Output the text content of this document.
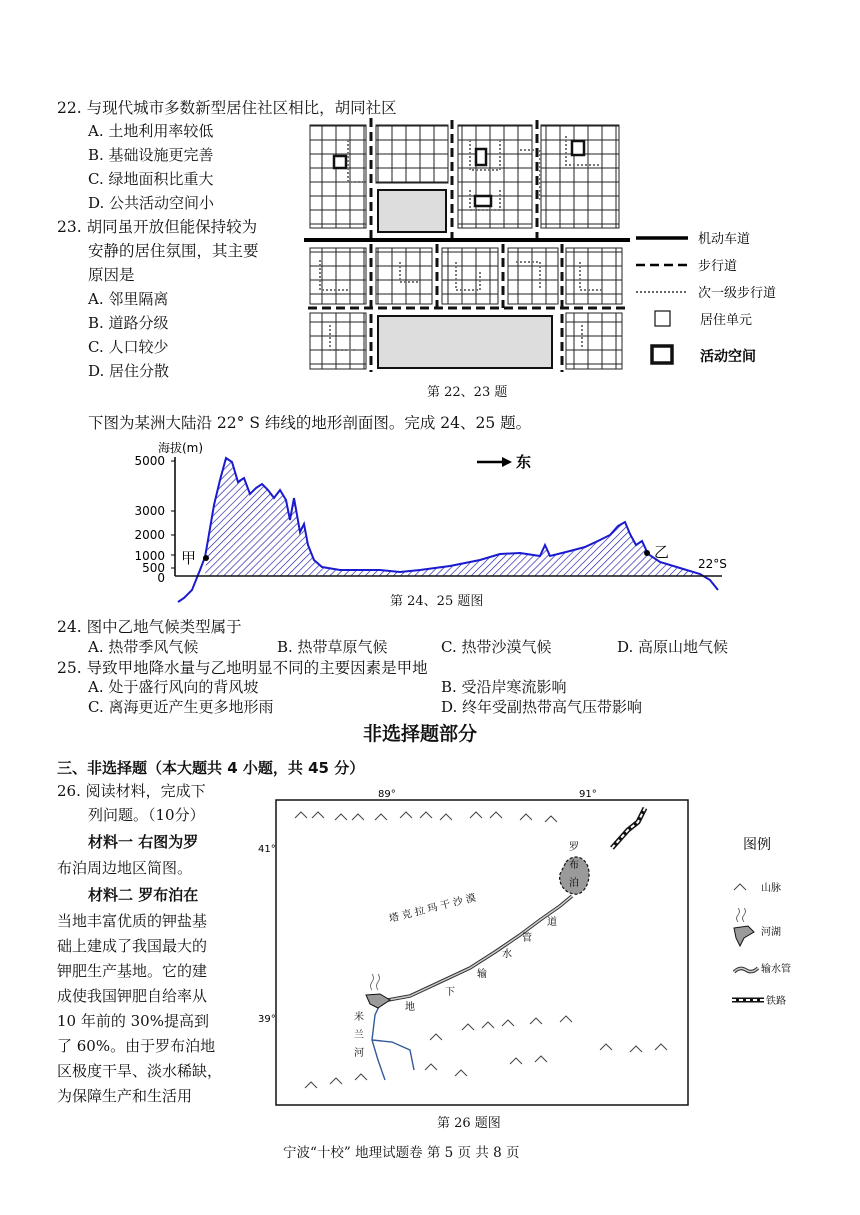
22. 与现代城市多数新型居住社区相比，胡同社区
A. 土地利用率较低
B. 基础设施更完善
C. 绿地面积比重大
D. 公共活动空间小
23. 胡同虽开放但能保持较为
安静的居住氛围，其主要
原因是
A. 邻里隔离
B. 道路分级
C. 人口较少
D. 居住分散
机动车道
步行道
次一级步行道
居住单元
活动空间
第 22、23 题
下图为某洲大陆沿 22° S 纬线的地形剖面图。完成 24、25 题。
海拔(m)
5000
3000
2000
1000
500
0
甲	乙
22°S
东
第 24、25 题图
24. 图中乙地气候类型属于
A. 热带季风气候	B. 热带草原气候	C. 热带沙漠气候	D. 高原山地气候
25. 导致甲地降水量与乙地明显不同的主要因素是甲地
A. 处于盛行风向的背风坡	B. 受沿岸寒流影响
C. 离海更近产生更多地形雨	D. 终年受副热带高气压带影响
非选择题部分
三、非选择题（本大题共 4 小题，共 45 分）
26. 阅读材料，完成下
列问题。（10分）
材料一 右图为罗
布泊周边地区简图。
材料二 罗布泊在
当地丰富优质的钾盐基
础上建成了我国最大的
钾肥生产基地。它的建
成使我国钾肥自给率从
10 年前的 30%提高到
了 60%。由于罗布泊地
区极度干旱、淡水稀缺，
为保障生产和生活用
89°	91°
41°
39°
塔 克 拉 玛 干 沙 漠
罗
布
泊
地
下
输
水
管
道
米
兰
河
图例
山脉
河湖
输水管
铁路
第 26 题图
宁波“十校” 地理试题卷 第 5 页 共 8 页
